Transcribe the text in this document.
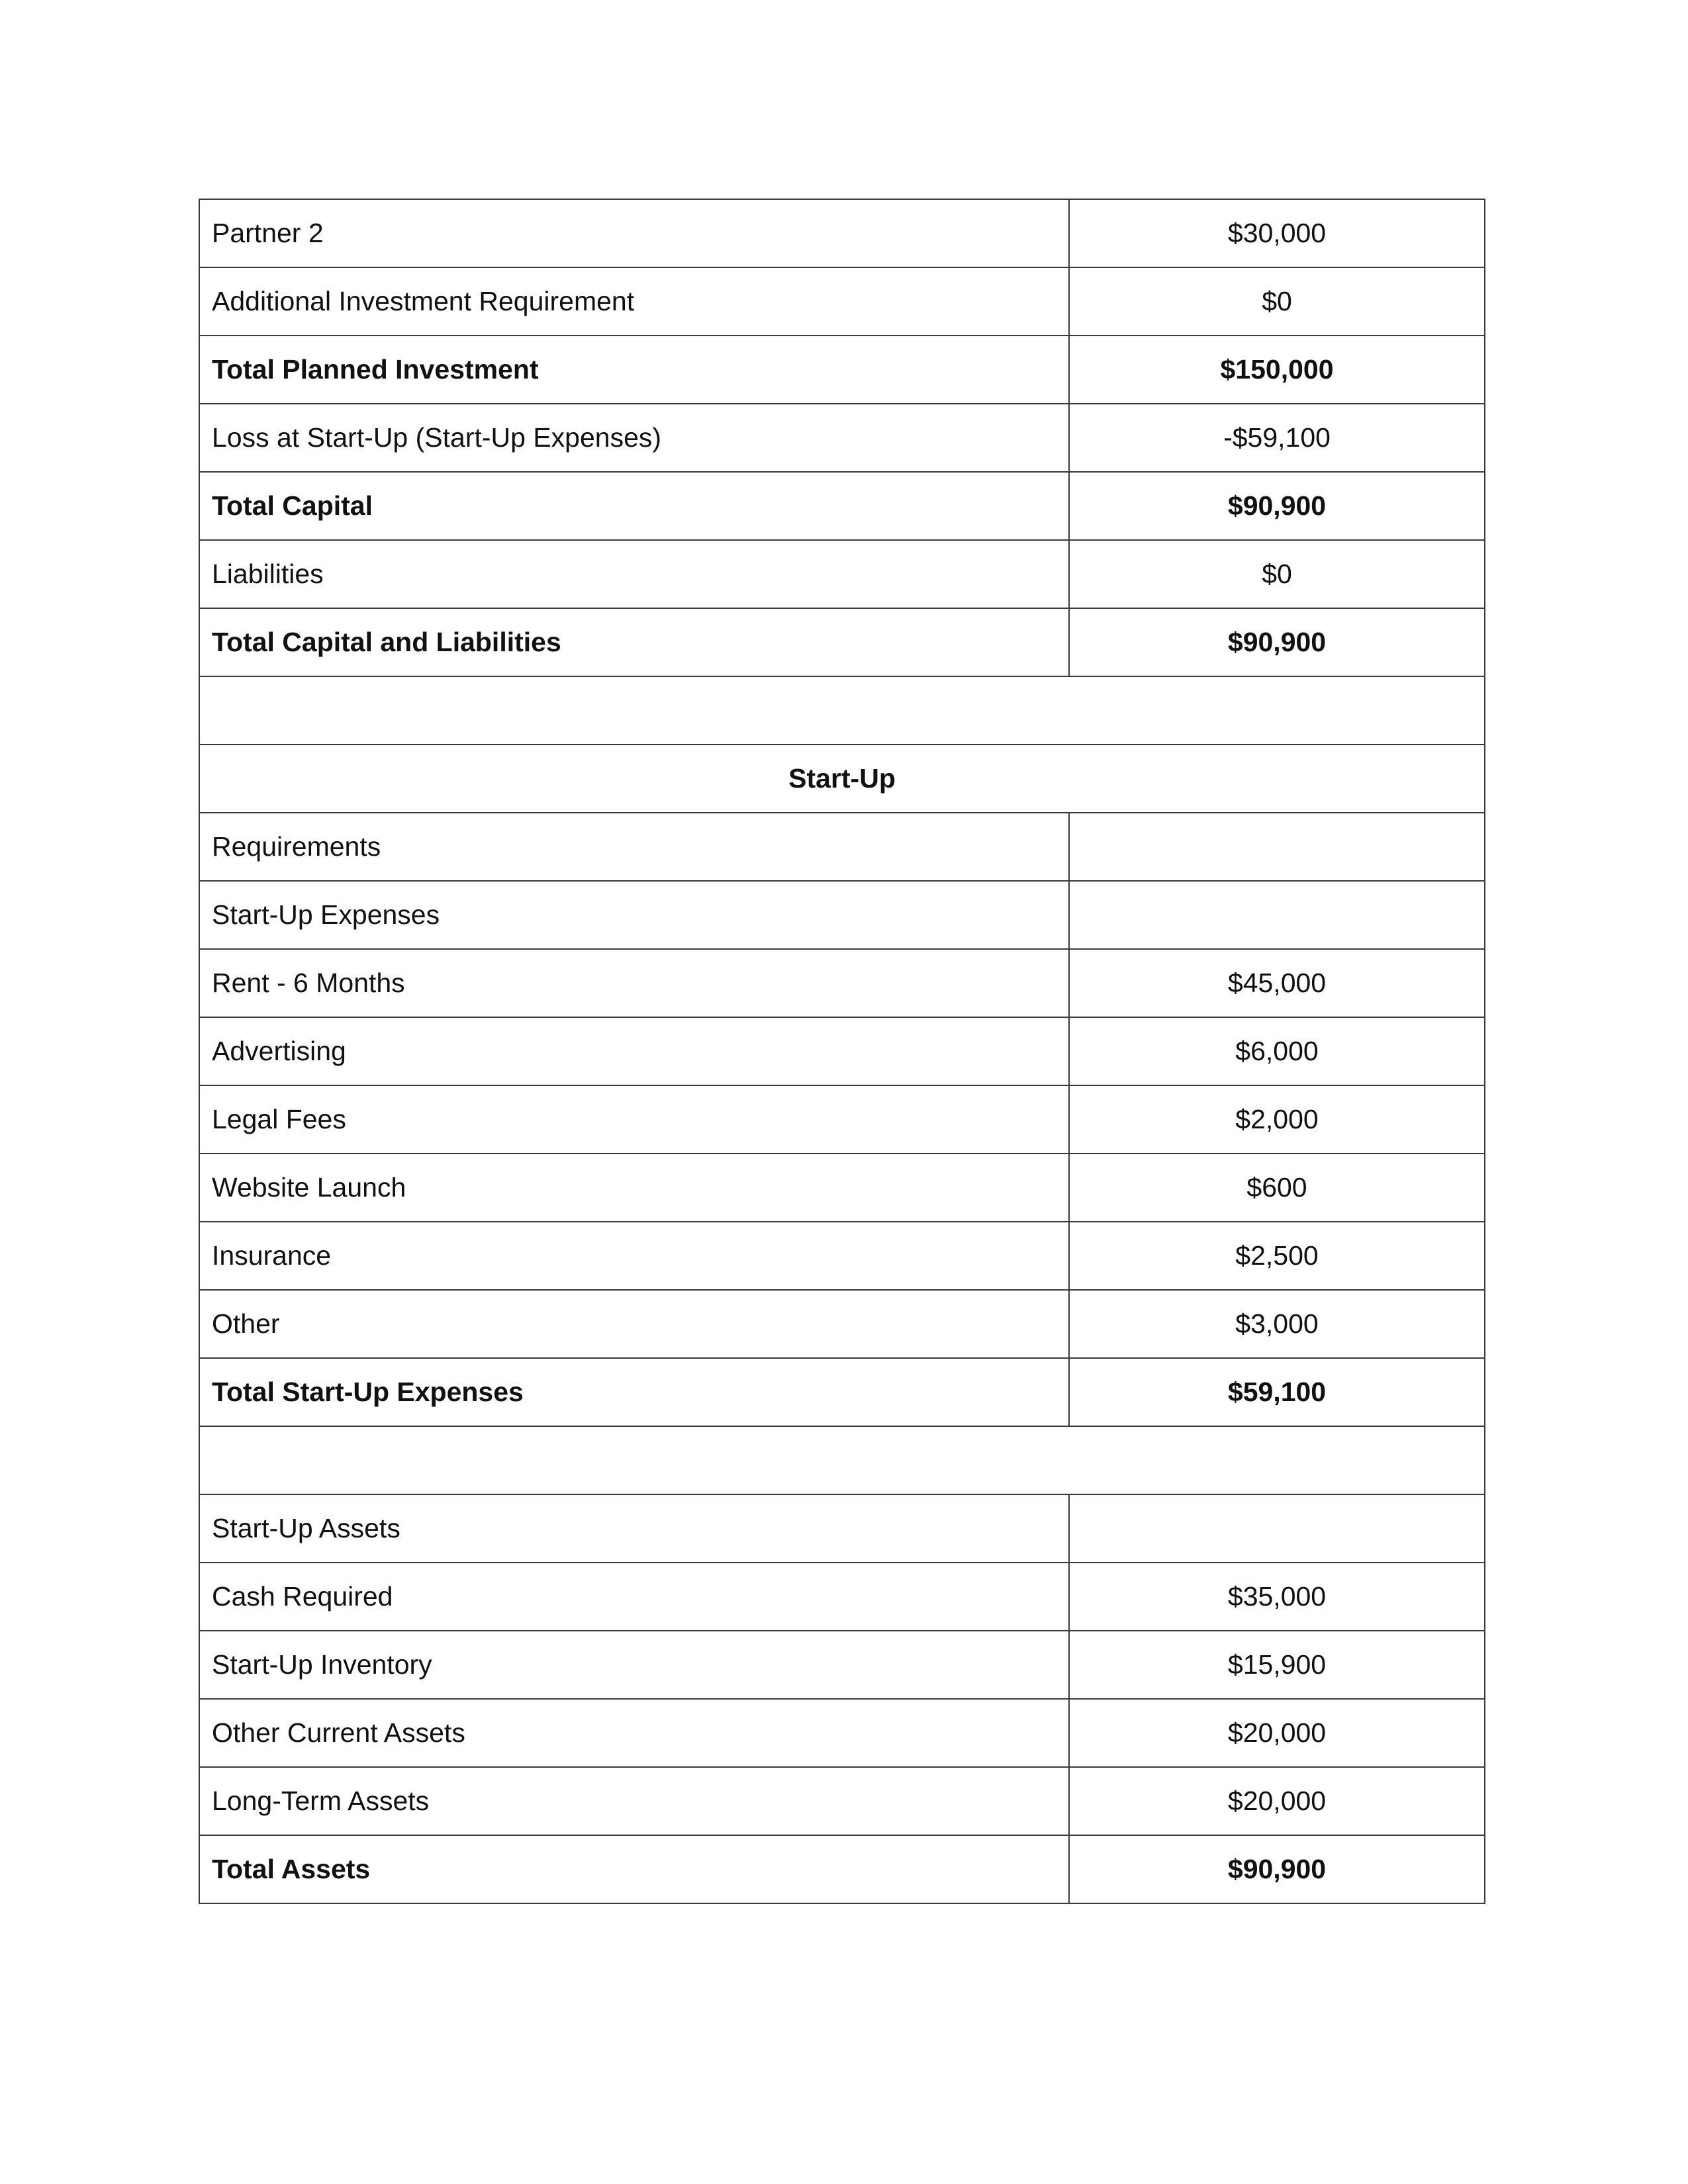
Partner 2	$30,000
Additional Investment Requirement	$0
Total Planned Investment	$150,000
Loss at Start-Up (Start-Up Expenses)	-$59,100
Total Capital	$90,900
Liabilities	$0
Total Capital and Liabilities	$90,900

Start-Up	
Requirements	
Start-Up Expenses	
Rent - 6 Months	$45,000
Advertising	$6,000
Legal Fees	$2,000
Website Launch	$600
Insurance	$2,500
Other	$3,000
Total Start-Up Expenses	$59,100

Start-Up Assets	
Cash Required	$35,000
Start-Up Inventory	$15,900
Other Current Assets	$20,000
Long-Term Assets	$20,000
Total Assets	$90,900
